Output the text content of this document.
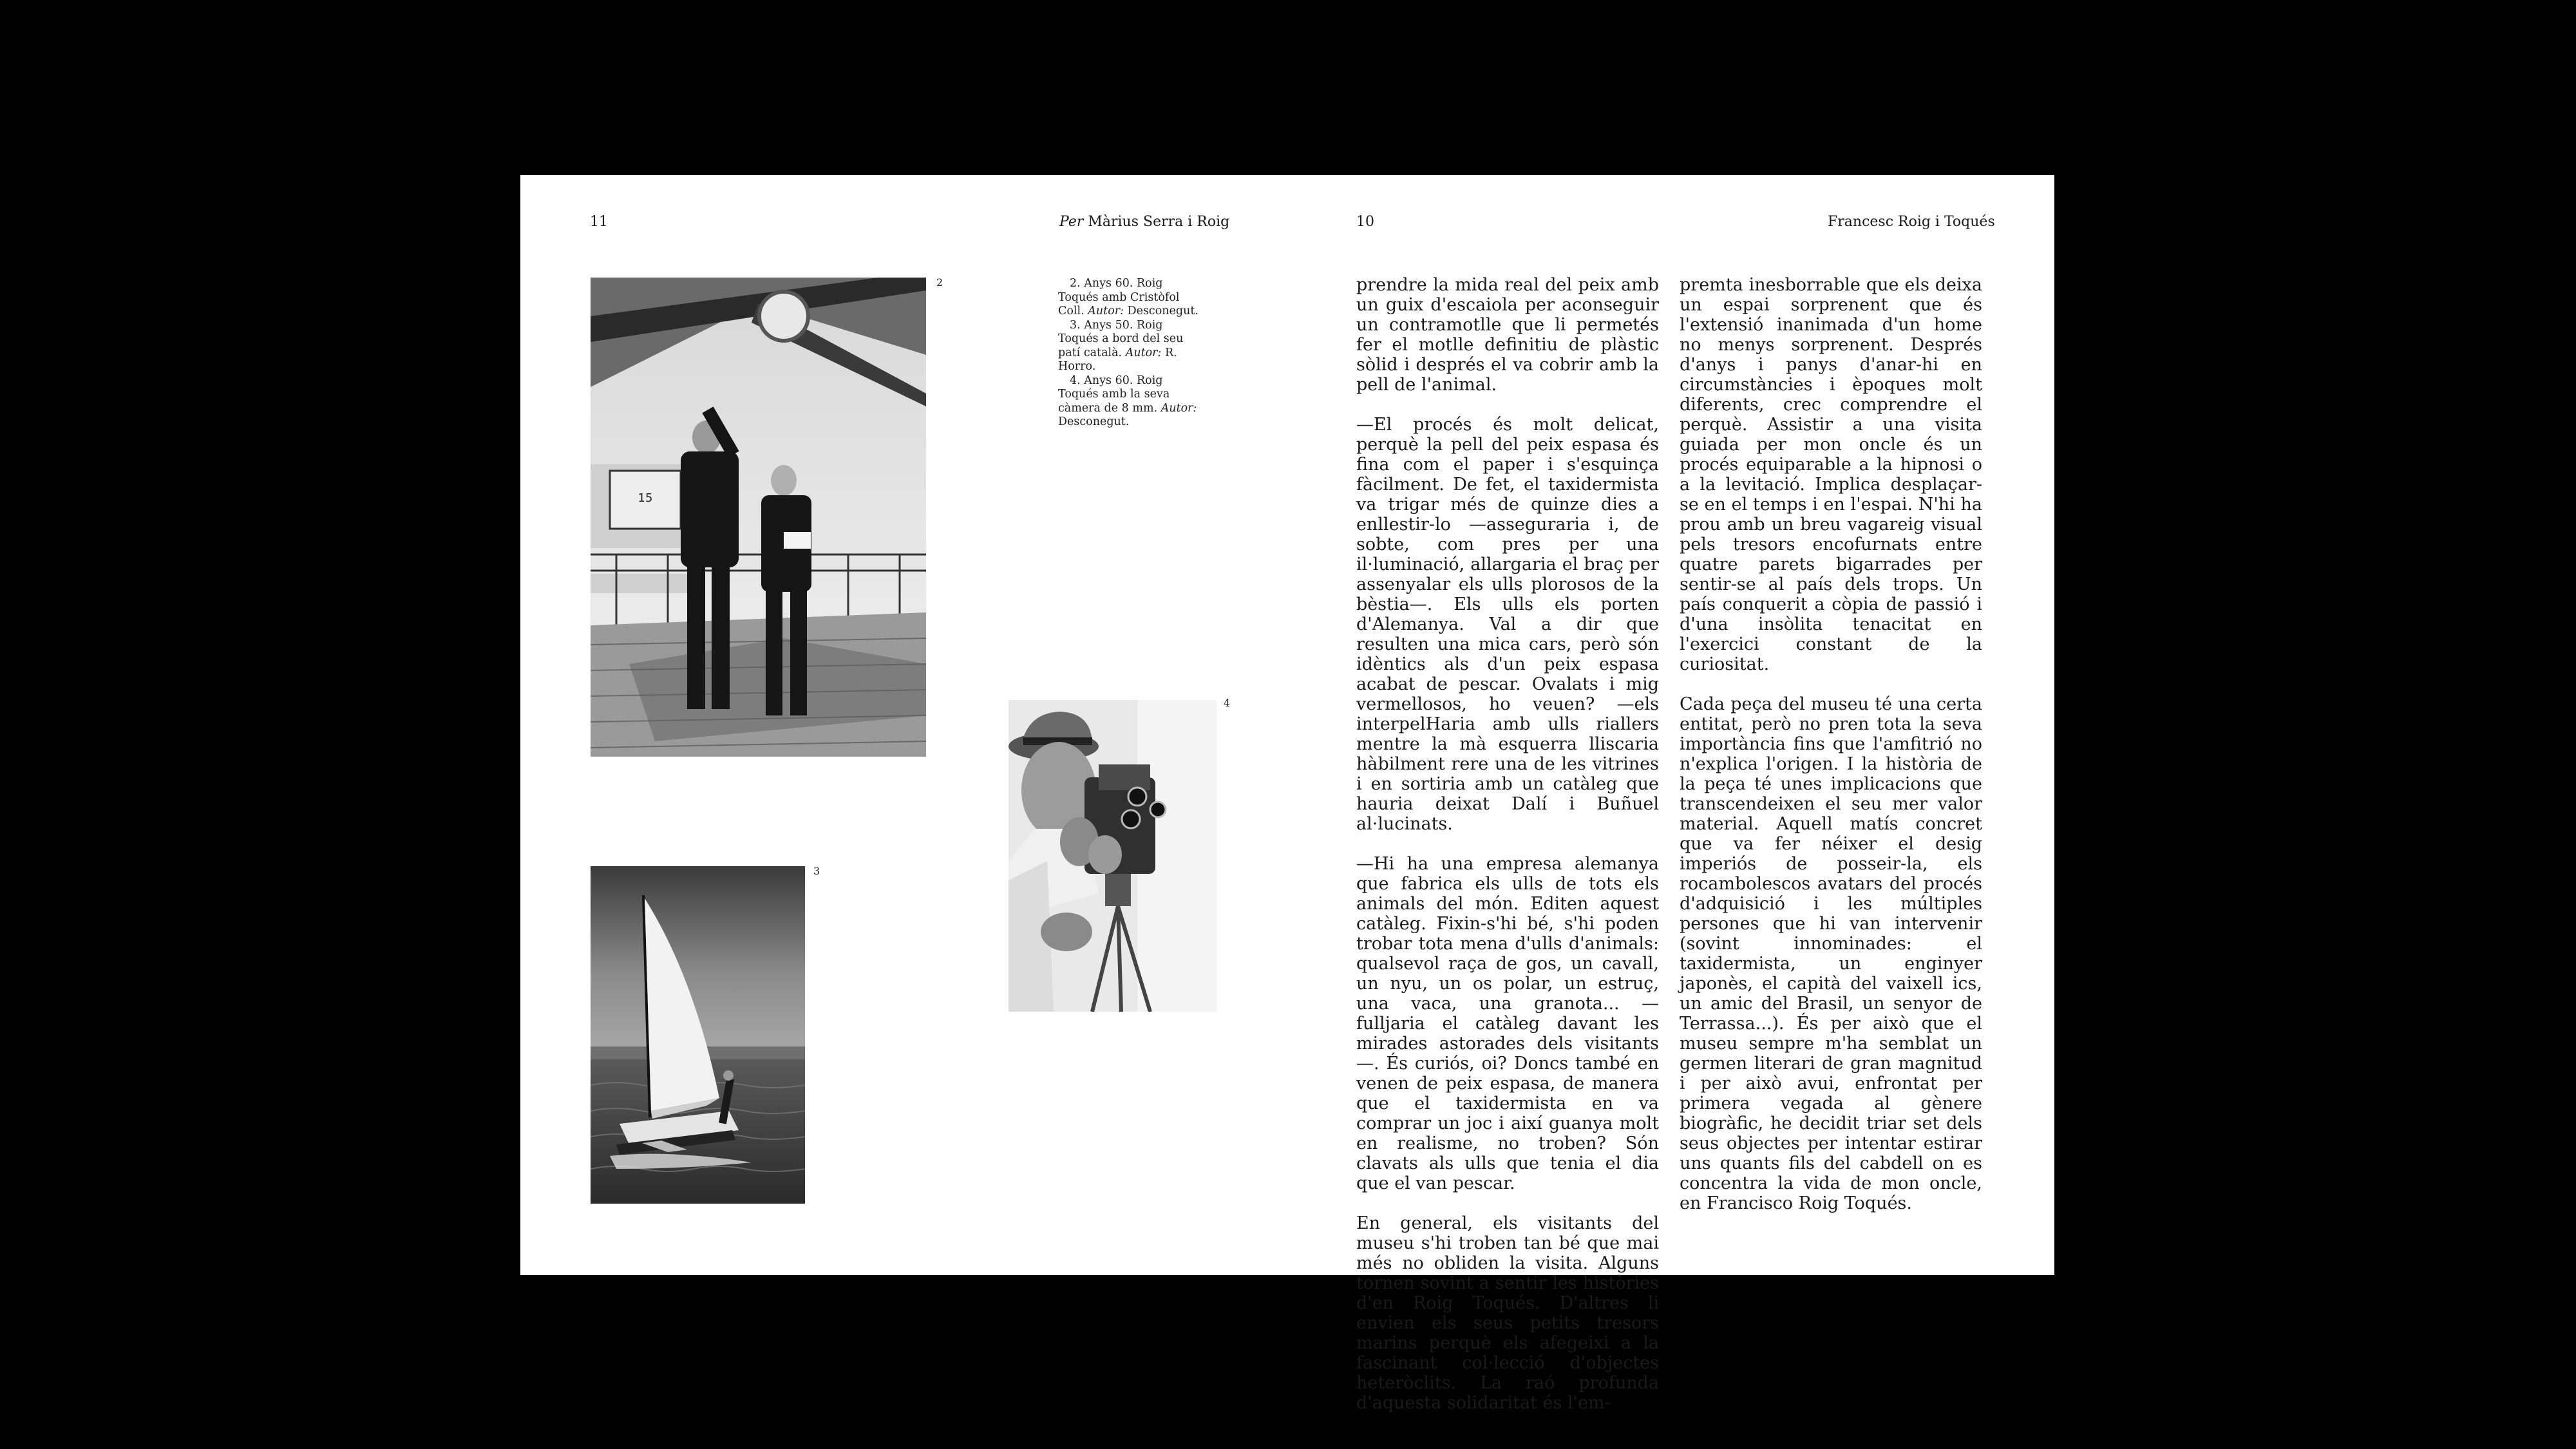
11	Per Màrius Serra i Roig
15
2	2. Anys 60. Roig Toqués amb Cristòfol Coll. Autor: Desconegut.

3. Anys 50. Roig Toqués a bord del seu patí català. Autor: R. Horro.

4. Anys 60. Roig Toqués amb la seva càmera de 8 mm. Autor: Desconegut.

4
3
10	Francesc Roig i Toqués

prendre la mida real del peix amb un guix d'escaiola per aconseguir un contramotlle que li permetés fer el motlle definitiu de plàstic sòlid i després el va cobrir amb la pell de l'animal.

—El procés és molt delicat, perquè la pell del peix espasa és fina com el paper i s'esquinça fàcilment. De fet, el taxidermista va trigar més de quinze dies a enllestir-lo —asseguraria i, de sobte, com pres per una il·luminació, allargaria el braç per assenyalar els ulls plorosos de la bèstia—. Els ulls els porten d'Alemanya. Val a dir que resulten una mica cars, però són idèntics als d'un peix espasa acabat de pescar. Ovalats i mig vermellosos, ho veuen? —els interpelHaria amb ulls riallers mentre la mà esquerra lliscaria hàbilment rere una de les vitrines i en sortiria amb un catàleg que hauria deixat Dalí i Buñuel al·lucinats.

—Hi ha una empresa alemanya que fabrica els ulls de tots els animals del món. Editen aquest catàleg. Fixin-s'hi bé, s'hi poden trobar tota mena d'ulls d'animals: qualsevol raça de gos, un cavall, un nyu, un os polar, un estruç, una vaca, una granota... —fulljaria el catàleg davant les mirades astorades dels visitants—. És curiós, oi? Doncs també en venen de peix espasa, de manera que el taxidermista en va comprar un joc i així guanya molt en realisme, no troben? Són clavats als ulls que tenia el dia que el van pescar.

En general, els visitants del museu s'hi troben tan bé que mai més no obliden la visita. Alguns tornen sovint a sentir les històries d'en Roig Toqués. D'altres li envien els seus petits tresors marins perquè els afegeixi a la fascinant col·lecció d'objectes heteròclits. La raó profunda d'aquesta solidaritat és l'em-

premta inesborrable que els deixa un espai sorprenent que és l'extensió inanimada d'un home no menys sorprenent. Després d'anys i panys d'anar-hi en circumstàncies i èpoques molt diferents, crec comprendre el perquè. Assistir a una visita guiada per mon oncle és un procés equiparable a la hipnosi o a la levitació. Implica desplaçar-se en el temps i en l'espai. N'hi ha prou amb un breu vagareig visual pels tresors encofurnats entre quatre parets bigarrades per sentir-se al país dels trops. Un país conquerit a còpia de passió i d'una insòlita tenacitat en l'exercici constant de la curiositat.

Cada peça del museu té una certa entitat, però no pren tota la seva importància fins que l'amfitrió no n'explica l'origen. I la història de la peça té unes implicacions que transcendeixen el seu mer valor material. Aquell matís concret que va fer néixer el desig imperiós de posseir-la, els rocambolescos avatars del procés d'adquisició i les múltiples persones que hi van intervenir (sovint innominades: el taxidermista, un enginyer japonès, el capità del vaixell ics, un amic del Brasil, un senyor de Terrassa...). És per això que el museu sempre m'ha semblat un germen literari de gran magnitud i per això avui, enfrontat per primera vegada al gènere biogràfic, he decidit triar set dels seus objectes per intentar estirar uns quants fils del cabdell on es concentra la vida de mon oncle, en Francisco Roig Toqués.
